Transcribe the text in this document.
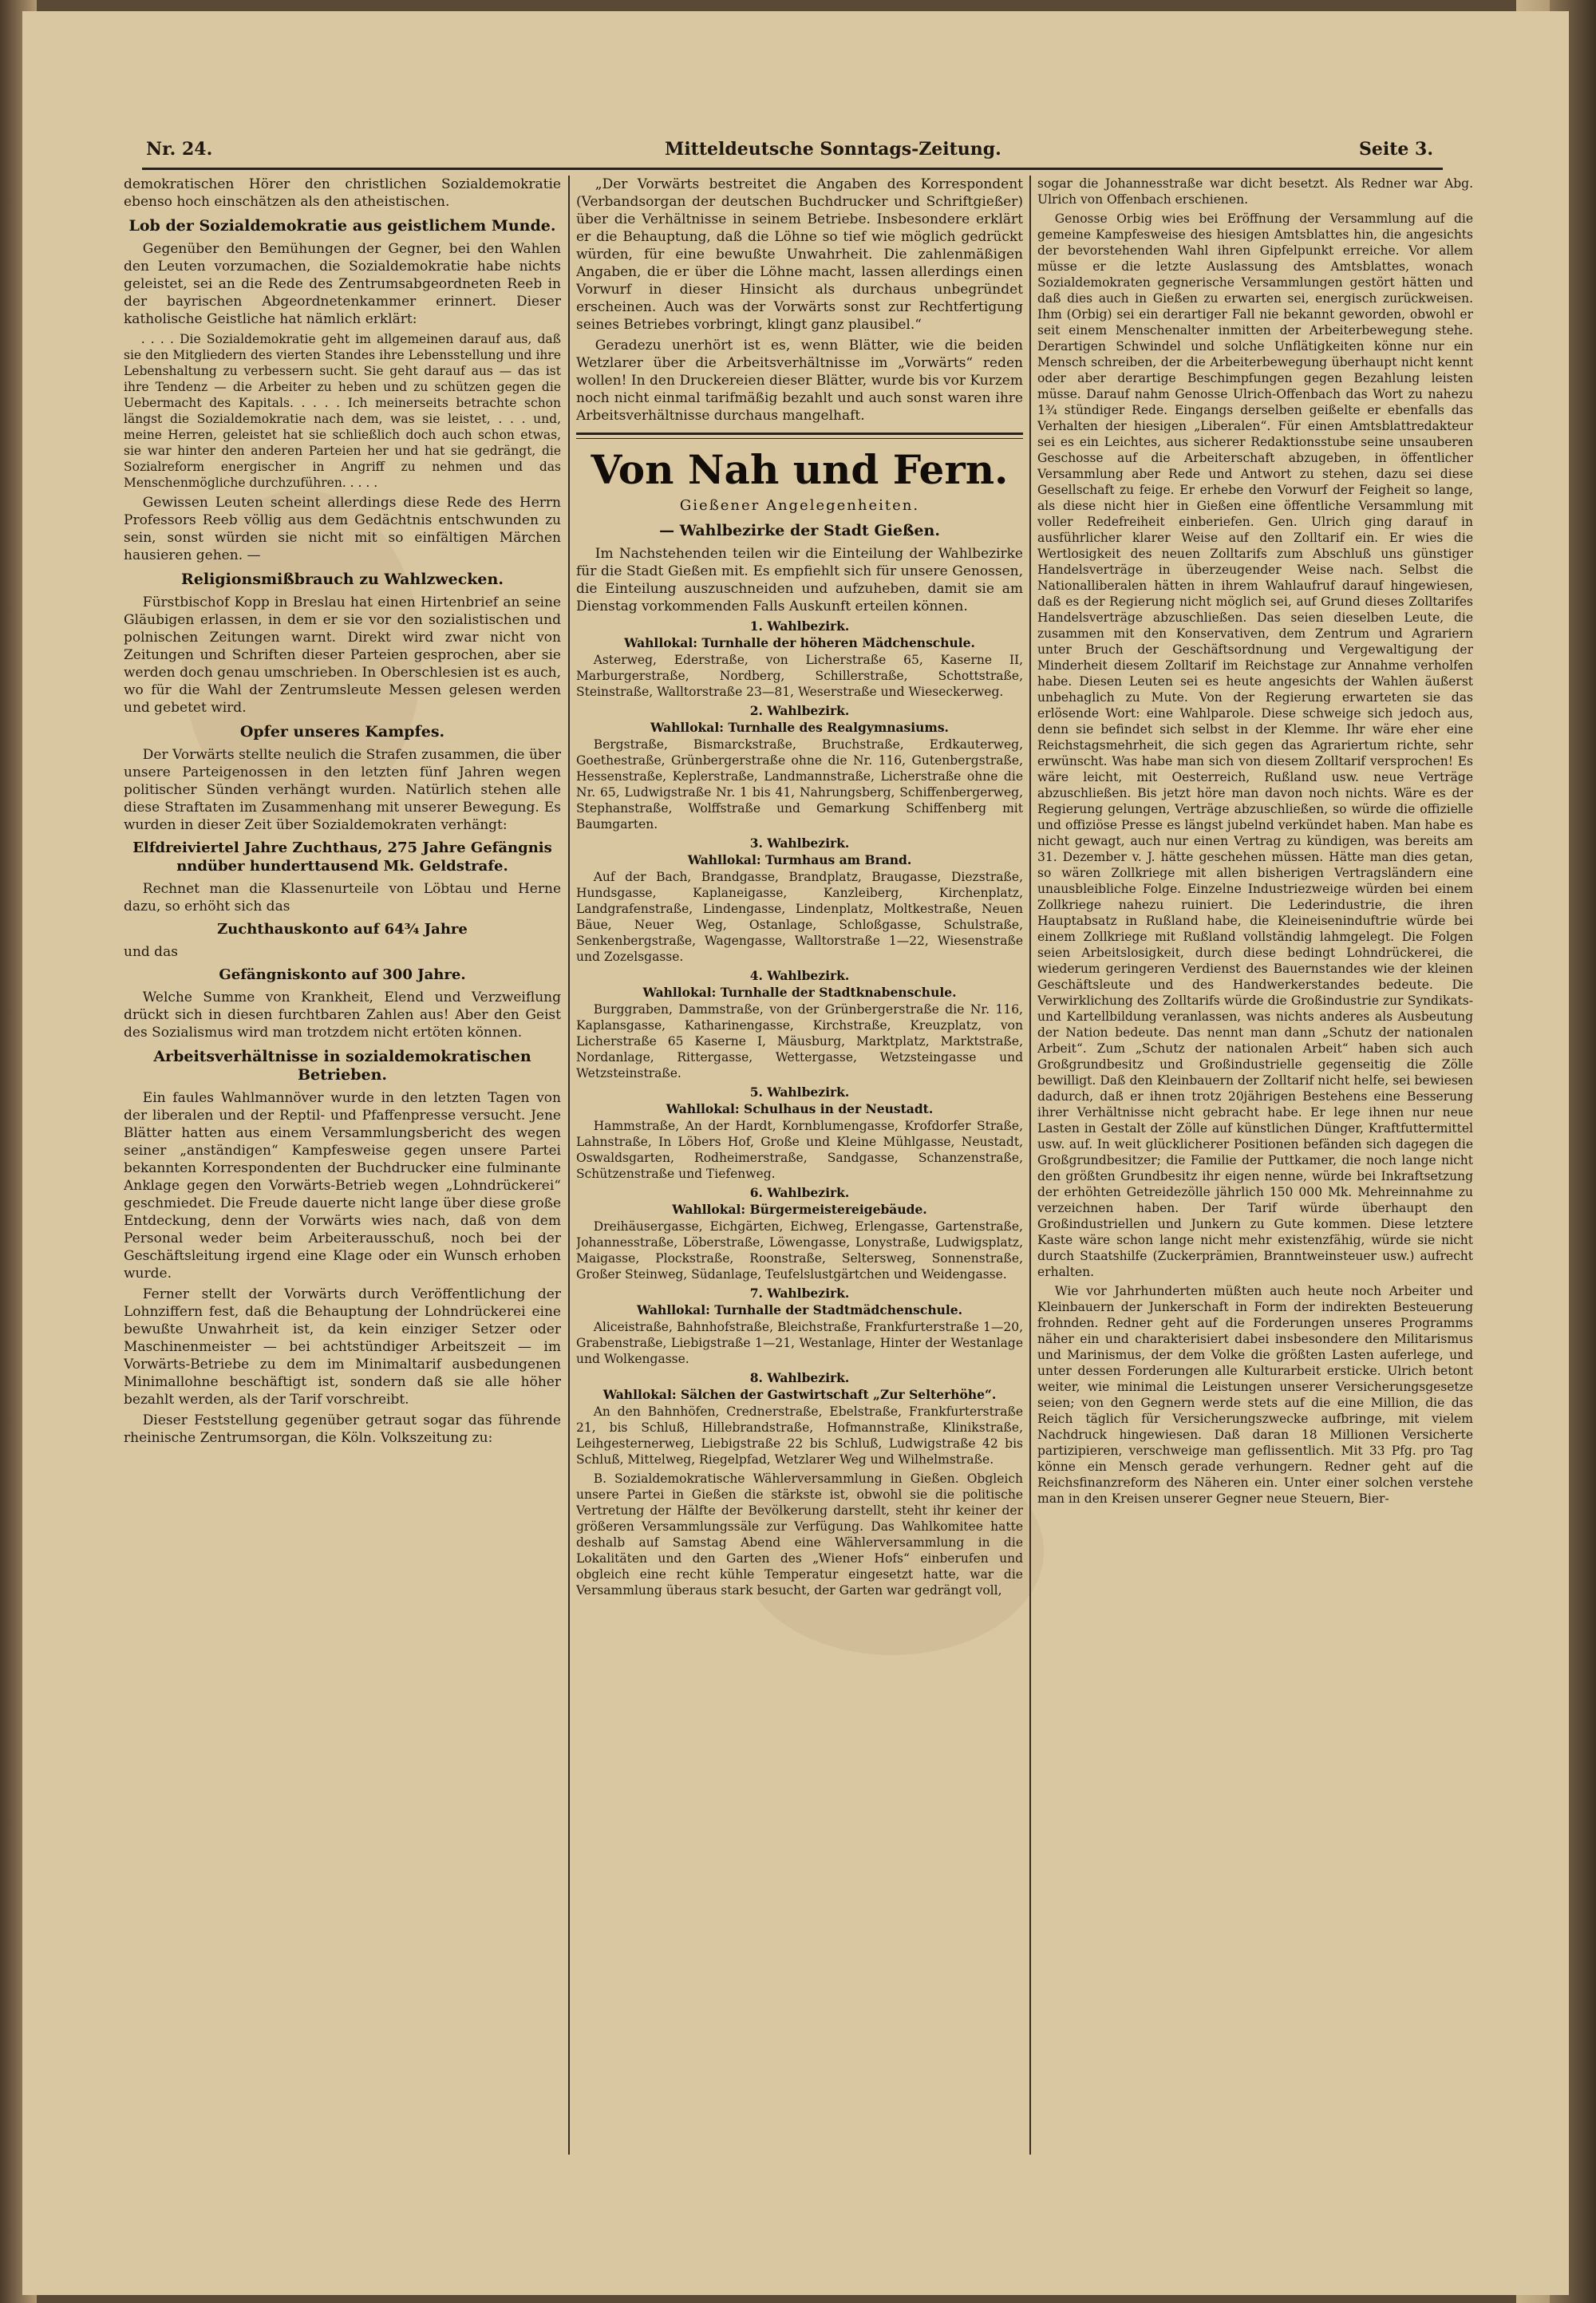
Nr. 24.	Mitteldeutsche Sonntags-Zeitung.	Seite 3.

demokratischen Hörer den christlichen Sozialdemokratie ebenso hoch einschätzen als den atheistischen.

Lob der Sozialdemokratie aus geistlichem Munde.

Gegenüber den Bemühungen der Gegner, bei den Wahlen den Leuten vorzumachen, die Sozialdemokratie habe nichts geleistet, sei an die Rede des Zentrumsabgeordneten Reeb in der bayrischen Abgeordnetenkammer erinnert. Dieser katholische Geistliche hat nämlich erklärt:

. . . . Die Sozialdemokratie geht im allgemeinen darauf aus, daß sie den Mitgliedern des vierten Standes ihre Lebensstellung und ihre Lebenshaltung zu verbessern sucht. Sie geht darauf aus — das ist ihre Tendenz — die Arbeiter zu heben und zu schützen gegen die Uebermacht des Kapitals. . . . . Ich meinerseits betrachte schon längst die Sozialdemokratie nach dem, was sie leistet, . . . und, meine Herren, geleistet hat sie schließlich doch auch schon etwas, sie war hinter den anderen Parteien her und hat sie gedrängt, die Sozialreform energischer in Angriff zu nehmen und das Menschenmögliche durchzuführen. . . . .

Gewissen Leuten scheint allerdings diese Rede des Herrn Professors Reeb völlig aus dem Gedächtnis entschwunden zu sein, sonst würden sie nicht mit so einfältigen Märchen hausieren gehen. —

Religionsmißbrauch zu Wahlzwecken.

Fürstbischof Kopp in Breslau hat einen Hirtenbrief an seine Gläubigen erlassen, in dem er sie vor den sozialistischen und polnischen Zeitungen warnt. Direkt wird zwar nicht von Zeitungen und Schriften dieser Parteien gesprochen, aber sie werden doch genau umschrieben. In Oberschlesien ist es auch, wo für die Wahl der Zentrumsleute Messen gelesen werden und gebetet wird.

Opfer unseres Kampfes.

Der Vorwärts stellte neulich die Strafen zusammen, die über unsere Parteigenossen in den letzten fünf Jahren wegen politischer Sünden verhängt wurden. Natürlich stehen alle diese Straftaten im Zusammenhang mit unserer Bewegung. Es wurden in dieser Zeit über Sozialdemokraten verhängt:

Elfdreiviertel Jahre Zuchthaus, 275 Jahre Gefängnis nndüber hunderttausend Mk. Geldstrafe.

Rechnet man die Klassenurteile von Löbtau und Herne dazu, so erhöht sich das

Zuchthauskonto auf 64¾ Jahre

und das

Gefängniskonto auf 300 Jahre.

Welche Summe von Krankheit, Elend und Verzweiflung drückt sich in diesen furchtbaren Zahlen aus! Aber den Geist des Sozialismus wird man trotzdem nicht ertöten können.

Arbeitsverhältnisse in sozialdemokratischen Betrieben.

Ein faules Wahlmannöver wurde in den letzten Tagen von der liberalen und der Reptil- und Pfaffenpresse versucht. Jene Blätter hatten aus einem Versammlungsbericht des wegen seiner „anständigen“ Kampfesweise gegen unsere Partei bekannten Korrespondenten der Buchdrucker eine fulminante Anklage gegen den Vorwärts-Betrieb wegen „Lohndrückerei“ geschmiedet. Die Freude dauerte nicht lange über diese große Entdeckung, denn der Vorwärts wies nach, daß von dem Personal weder beim Arbeiterausschuß, noch bei der Geschäftsleitung irgend eine Klage oder ein Wunsch erhoben wurde.

Ferner stellt der Vorwärts durch Veröffentlichung der Lohnziffern fest, daß die Behauptung der Lohndrückerei eine bewußte Unwahrheit ist, da kein einziger Setzer oder Maschinenmeister — bei achtstündiger Arbeitszeit — im Vorwärts-Betriebe zu dem im Minimaltarif ausbedungenen Minimallohne beschäftigt ist, sondern daß sie alle höher bezahlt werden, als der Tarif vorschreibt.

Dieser Feststellung gegenüber getraut sogar das führende rheinische Zentrumsorgan, die Köln. Volkszeitung zu:

„Der Vorwärts bestreitet die Angaben des Korrespondent (Verbandsorgan der deutschen Buchdrucker und Schriftgießer) über die Verhältnisse in seinem Betriebe. Insbesondere erklärt er die Behauptung, daß die Löhne so tief wie möglich gedrückt würden, für eine bewußte Unwahrheit. Die zahlenmäßigen Angaben, die er über die Löhne macht, lassen allerdings einen Vorwurf in dieser Hinsicht als durchaus unbegründet erscheinen. Auch was der Vorwärts sonst zur Rechtfertigung seines Betriebes vorbringt, klingt ganz plausibel.“

Geradezu unerhört ist es, wenn Blätter, wie die beiden Wetzlarer über die Arbeitsverhältnisse im „Vorwärts“ reden wollen! In den Druckereien dieser Blätter, wurde bis vor Kurzem noch nicht einmal tarifmäßig bezahlt und auch sonst waren ihre Arbeitsverhältnisse durchaus mangelhaft.

Von Nah und Fern.
Gießener Angelegenheiten.
— Wahlbezirke der Stadt Gießen.

Im Nachstehenden teilen wir die Einteilung der Wahlbezirke für die Stadt Gießen mit. Es empfiehlt sich für unsere Genossen, die Einteilung auszuschneiden und aufzuheben, damit sie am Dienstag vorkommenden Falls Auskunft erteilen können.

1. Wahlbezirk.
Wahllokal: Turnhalle der höheren Mädchenschule.

Asterweg, Ederstraße, von Licherstraße 65, Kaserne II, Marburgerstraße, Nordberg, Schillerstraße, Schottstraße, Steinstraße, Walltorstraße 23—81, Weserstraße und Wieseckerweg.

2. Wahlbezirk.
Wahllokal: Turnhalle des Realgymnasiums.

Bergstraße, Bismarckstraße, Bruchstraße, Erdkauterweg, Goethestraße, Grünbergerstraße ohne die Nr. 116, Gutenbergstraße, Hessenstraße, Keplerstraße, Landmannstraße, Licherstraße ohne die Nr. 65, Ludwigstraße Nr. 1 bis 41, Nahrungsberg, Schiffenbergerweg, Stephanstraße, Wolffstraße und Gemarkung Schiffenberg mit Baumgarten.

3. Wahlbezirk.
Wahllokal: Turmhaus am Brand.

Auf der Bach, Brandgasse, Brandplatz, Braugasse, Diezstraße, Hundsgasse, Kaplaneigasse, Kanzleiberg, Kirchenplatz, Landgrafenstraße, Lindengasse, Lindenplatz, Moltkestraße, Neuen Bäue, Neuer Weg, Ostanlage, Schloßgasse, Schulstraße, Senkenbergstraße, Wagengasse, Walltorstraße 1—22, Wiesenstraße und Zozelsgasse.

4. Wahlbezirk.
Wahllokal: Turnhalle der Stadtknabenschule.

Burggraben, Dammstraße, von der Grünbergerstraße die Nr. 116, Kaplansgasse, Katharinengasse, Kirchstraße, Kreuzplatz, von Licherstraße 65 Kaserne I, Mäusburg, Marktplatz, Marktstraße, Nordanlage, Rittergasse, Wettergasse, Wetzsteingasse und Wetzsteinstraße.

5. Wahlbezirk.
Wahllokal: Schulhaus in der Neustadt.

Hammstraße, An der Hardt, Kornblumengasse, Krofdorfer Straße, Lahnstraße, In Löbers Hof, Große und Kleine Mühlgasse, Neustadt, Oswaldsgarten, Rodheimerstraße, Sandgasse, Schanzenstraße, Schützenstraße und Tiefenweg.

6. Wahlbezirk.
Wahllokal: Bürgermeistereigebäude.

Dreihäusergasse, Eichgärten, Eichweg, Erlengasse, Gartenstraße, Johannesstraße, Löberstraße, Löwengasse, Lonystraße, Ludwigsplatz, Maigasse, Plockstraße, Roonstraße, Seltersweg, Sonnenstraße, Großer Steinweg, Südanlage, Teufelslustgärtchen und Weidengasse.

7. Wahlbezirk.
Wahllokal: Turnhalle der Stadtmädchenschule.

Aliceistraße, Bahnhofstraße, Bleichstraße, Frankfurterstraße 1—20, Grabenstraße, Liebigstraße 1—21, Westanlage, Hinter der Westanlage und Wolkengasse.

8. Wahlbezirk.
Wahllokal: Sälchen der Gastwirtschaft „Zur Selterhöhe“.

An den Bahnhöfen, Crednerstraße, Ebelstraße, Frankfurterstraße 21, bis Schluß, Hillebrandstraße, Hofmannstraße, Klinikstraße, Leihgesternerweg, Liebigstraße 22 bis Schluß, Ludwigstraße 42 bis Schluß, Mittelweg, Riegelpfad, Wetzlarer Weg und Wilhelmstraße.

B. Sozialdemokratische Wählerversammlung in Gießen. Obgleich unsere Partei in Gießen die stärkste ist, obwohl sie die politische Vertretung der Hälfte der Bevölkerung darstellt, steht ihr keiner der größeren Versammlungssäle zur Verfügung. Das Wahlkomitee hatte deshalb auf Samstag Abend eine Wählerversammlung in die Lokalitäten und den Garten des „Wiener Hofs“ einberufen und obgleich eine recht kühle Temperatur eingesetzt hatte, war die Versammlung überaus stark besucht, der Garten war gedrängt voll,

sogar die Johannesstraße war dicht besetzt. Als Redner war Abg. Ulrich von Offenbach erschienen.

Genosse Orbig wies bei Eröffnung der Versammlung auf die gemeine Kampfesweise des hiesigen Amtsblattes hin, die angesichts der bevorstehenden Wahl ihren Gipfelpunkt erreiche. Vor allem müsse er die letzte Auslassung des Amtsblattes, wonach Sozialdemokraten gegnerische Versammlungen gestört hätten und daß dies auch in Gießen zu erwarten sei, energisch zurückweisen. Ihm (Orbig) sei ein derartiger Fall nie bekannt geworden, obwohl er seit einem Menschenalter inmitten der Arbeiterbewegung stehe. Derartigen Schwindel und solche Unflätigkeiten könne nur ein Mensch schreiben, der die Arbeiterbewegung überhaupt nicht kennt oder aber derartige Beschimpfungen gegen Bezahlung leisten müsse. Darauf nahm Genosse Ulrich-Offenbach das Wort zu nahezu 1¾ stündiger Rede. Eingangs derselben geißelte er ebenfalls das Verhalten der hiesigen „Liberalen“. Für einen Amtsblattredakteur sei es ein Leichtes, aus sicherer Redaktionsstube seine unsauberen Geschosse auf die Arbeiterschaft abzugeben, in öffentlicher Versammlung aber Rede und Antwort zu stehen, dazu sei diese Gesellschaft zu feige. Er erhebe den Vorwurf der Feigheit so lange, als diese nicht hier in Gießen eine öffentliche Versammlung mit voller Redefreiheit einberiefen. Gen. Ulrich ging darauf in ausführlicher klarer Weise auf den Zolltarif ein. Er wies die Wertlosigkeit des neuen Zolltarifs zum Abschluß uns günstiger Handelsverträge in überzeugender Weise nach. Selbst die Nationalliberalen hätten in ihrem Wahlaufruf darauf hingewiesen, daß es der Regierung nicht möglich sei, auf Grund dieses Zolltarifes Handelsverträge abzuschließen. Das seien dieselben Leute, die zusammen mit den Konservativen, dem Zentrum und Agrariern unter Bruch der Geschäftsordnung und Vergewaltigung der Minderheit diesem Zolltarif im Reichstage zur Annahme verholfen habe. Diesen Leuten sei es heute angesichts der Wahlen äußerst unbehaglich zu Mute. Von der Regierung erwarteten sie das erlösende Wort: eine Wahlparole. Diese schweige sich jedoch aus, denn sie befindet sich selbst in der Klemme. Ihr wäre eher eine Reichstagsmehrheit, die sich gegen das Agrariertum richte, sehr erwünscht. Was habe man sich von diesem Zolltarif versprochen! Es wäre leicht, mit Oesterreich, Rußland usw. neue Verträge abzuschließen. Bis jetzt höre man davon noch nichts. Wäre es der Regierung gelungen, Verträge abzuschließen, so würde die offizielle und offiziöse Presse es längst jubelnd verkündet haben. Man habe es nicht gewagt, auch nur einen Vertrag zu kündigen, was bereits am 31. Dezember v. J. hätte geschehen müssen. Hätte man dies getan, so wären Zollkriege mit allen bisherigen Vertragsländern eine unausbleibliche Folge. Einzelne Industriezweige würden bei einem Zollkriege nahezu ruiniert. Die Lederindustrie, die ihren Hauptabsatz in Rußland habe, die Kleineiseninduftrie würde bei einem Zollkriege mit Rußland vollständig lahmgelegt. Die Folgen seien Arbeitslosigkeit, durch diese bedingt Lohndrückerei, die wiederum geringeren Verdienst des Bauernstandes wie der kleinen Geschäftsleute und des Handwerkerstandes bedeute. Die Verwirklichung des Zolltarifs würde die Großindustrie zur Syndikats- und Kartellbildung veranlassen, was nichts anderes als Ausbeutung der Nation bedeute. Das nennt man dann „Schutz der nationalen Arbeit“. Zum „Schutz der nationalen Arbeit“ haben sich auch Großgrundbesitz und Großindustrielle gegenseitig die Zölle bewilligt. Daß den Kleinbauern der Zolltarif nicht helfe, sei bewiesen dadurch, daß er ihnen trotz 20jährigen Bestehens eine Besserung ihrer Verhältnisse nicht gebracht habe. Er lege ihnen nur neue Lasten in Gestalt der Zölle auf künstlichen Dünger, Kraftfuttermittel usw. auf. In weit glücklicherer Positionen befänden sich dagegen die Großgrundbesitzer; die Familie der Puttkamer, die noch lange nicht den größten Grundbesitz ihr eigen nenne, würde bei Inkraftsetzung der erhöhten Getreidezölle jährlich 150 000 Mk. Mehreinnahme zu verzeichnen haben. Der Tarif würde überhaupt den Großindustriellen und Junkern zu Gute kommen. Diese letztere Kaste wäre schon lange nicht mehr existenzfähig, würde sie nicht durch Staatshilfe (Zuckerprämien, Branntweinsteuer usw.) aufrecht erhalten.

Wie vor Jahrhunderten müßten auch heute noch Arbeiter und Kleinbauern der Junkerschaft in Form der indirekten Besteuerung frohnden. Redner geht auf die Forderungen unseres Programms näher ein und charakterisiert dabei insbesondere den Militarismus und Marinismus, der dem Volke die größten Lasten auferlege, und unter dessen Forderungen alle Kulturarbeit ersticke. Ulrich betont weiter, wie minimal die Leistungen unserer Versicherungsgesetze seien; von den Gegnern werde stets auf die eine Million, die das Reich täglich für Versicherungszwecke aufbringe, mit vielem Nachdruck hingewiesen. Daß daran 18 Millionen Versicherte partizipieren, verschweige man geflissentlich. Mit 33 Pfg. pro Tag könne ein Mensch gerade verhungern. Redner geht auf die Reichsfinanzreform des Näheren ein. Unter einer solchen verstehe man in den Kreisen unserer Gegner neue Steuern, Bier-
